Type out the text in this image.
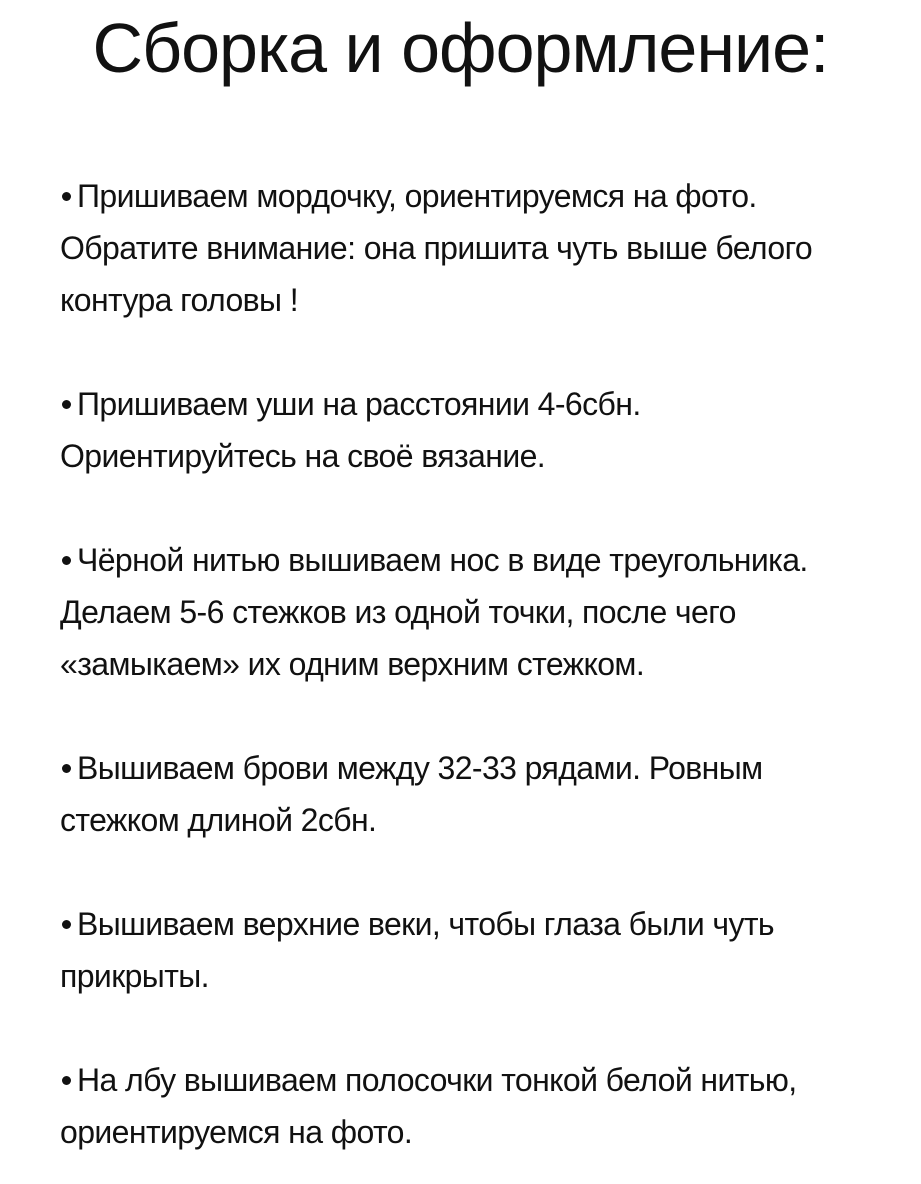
Сборка и оформление:
Пришиваем мордочку, ориентируемся на фото. Обратите внимание: она пришита чуть выше белого контура головы !
Пришиваем уши на расстоянии 4-6сбн. Ориентируйтесь на своё вязание.
Чёрной нитью вышиваем нос в виде треугольника. Делаем 5-6 стежков из одной точки, после чего «замыкаем» их одним верхним стежком.
Вышиваем брови между 32-33 рядами. Ровным стежком длиной 2сбн.
Вышиваем верхние веки, чтобы глаза были чуть прикрыты.
На лбу вышиваем полосочки тонкой белой нитью, ориентируемся на фото.
